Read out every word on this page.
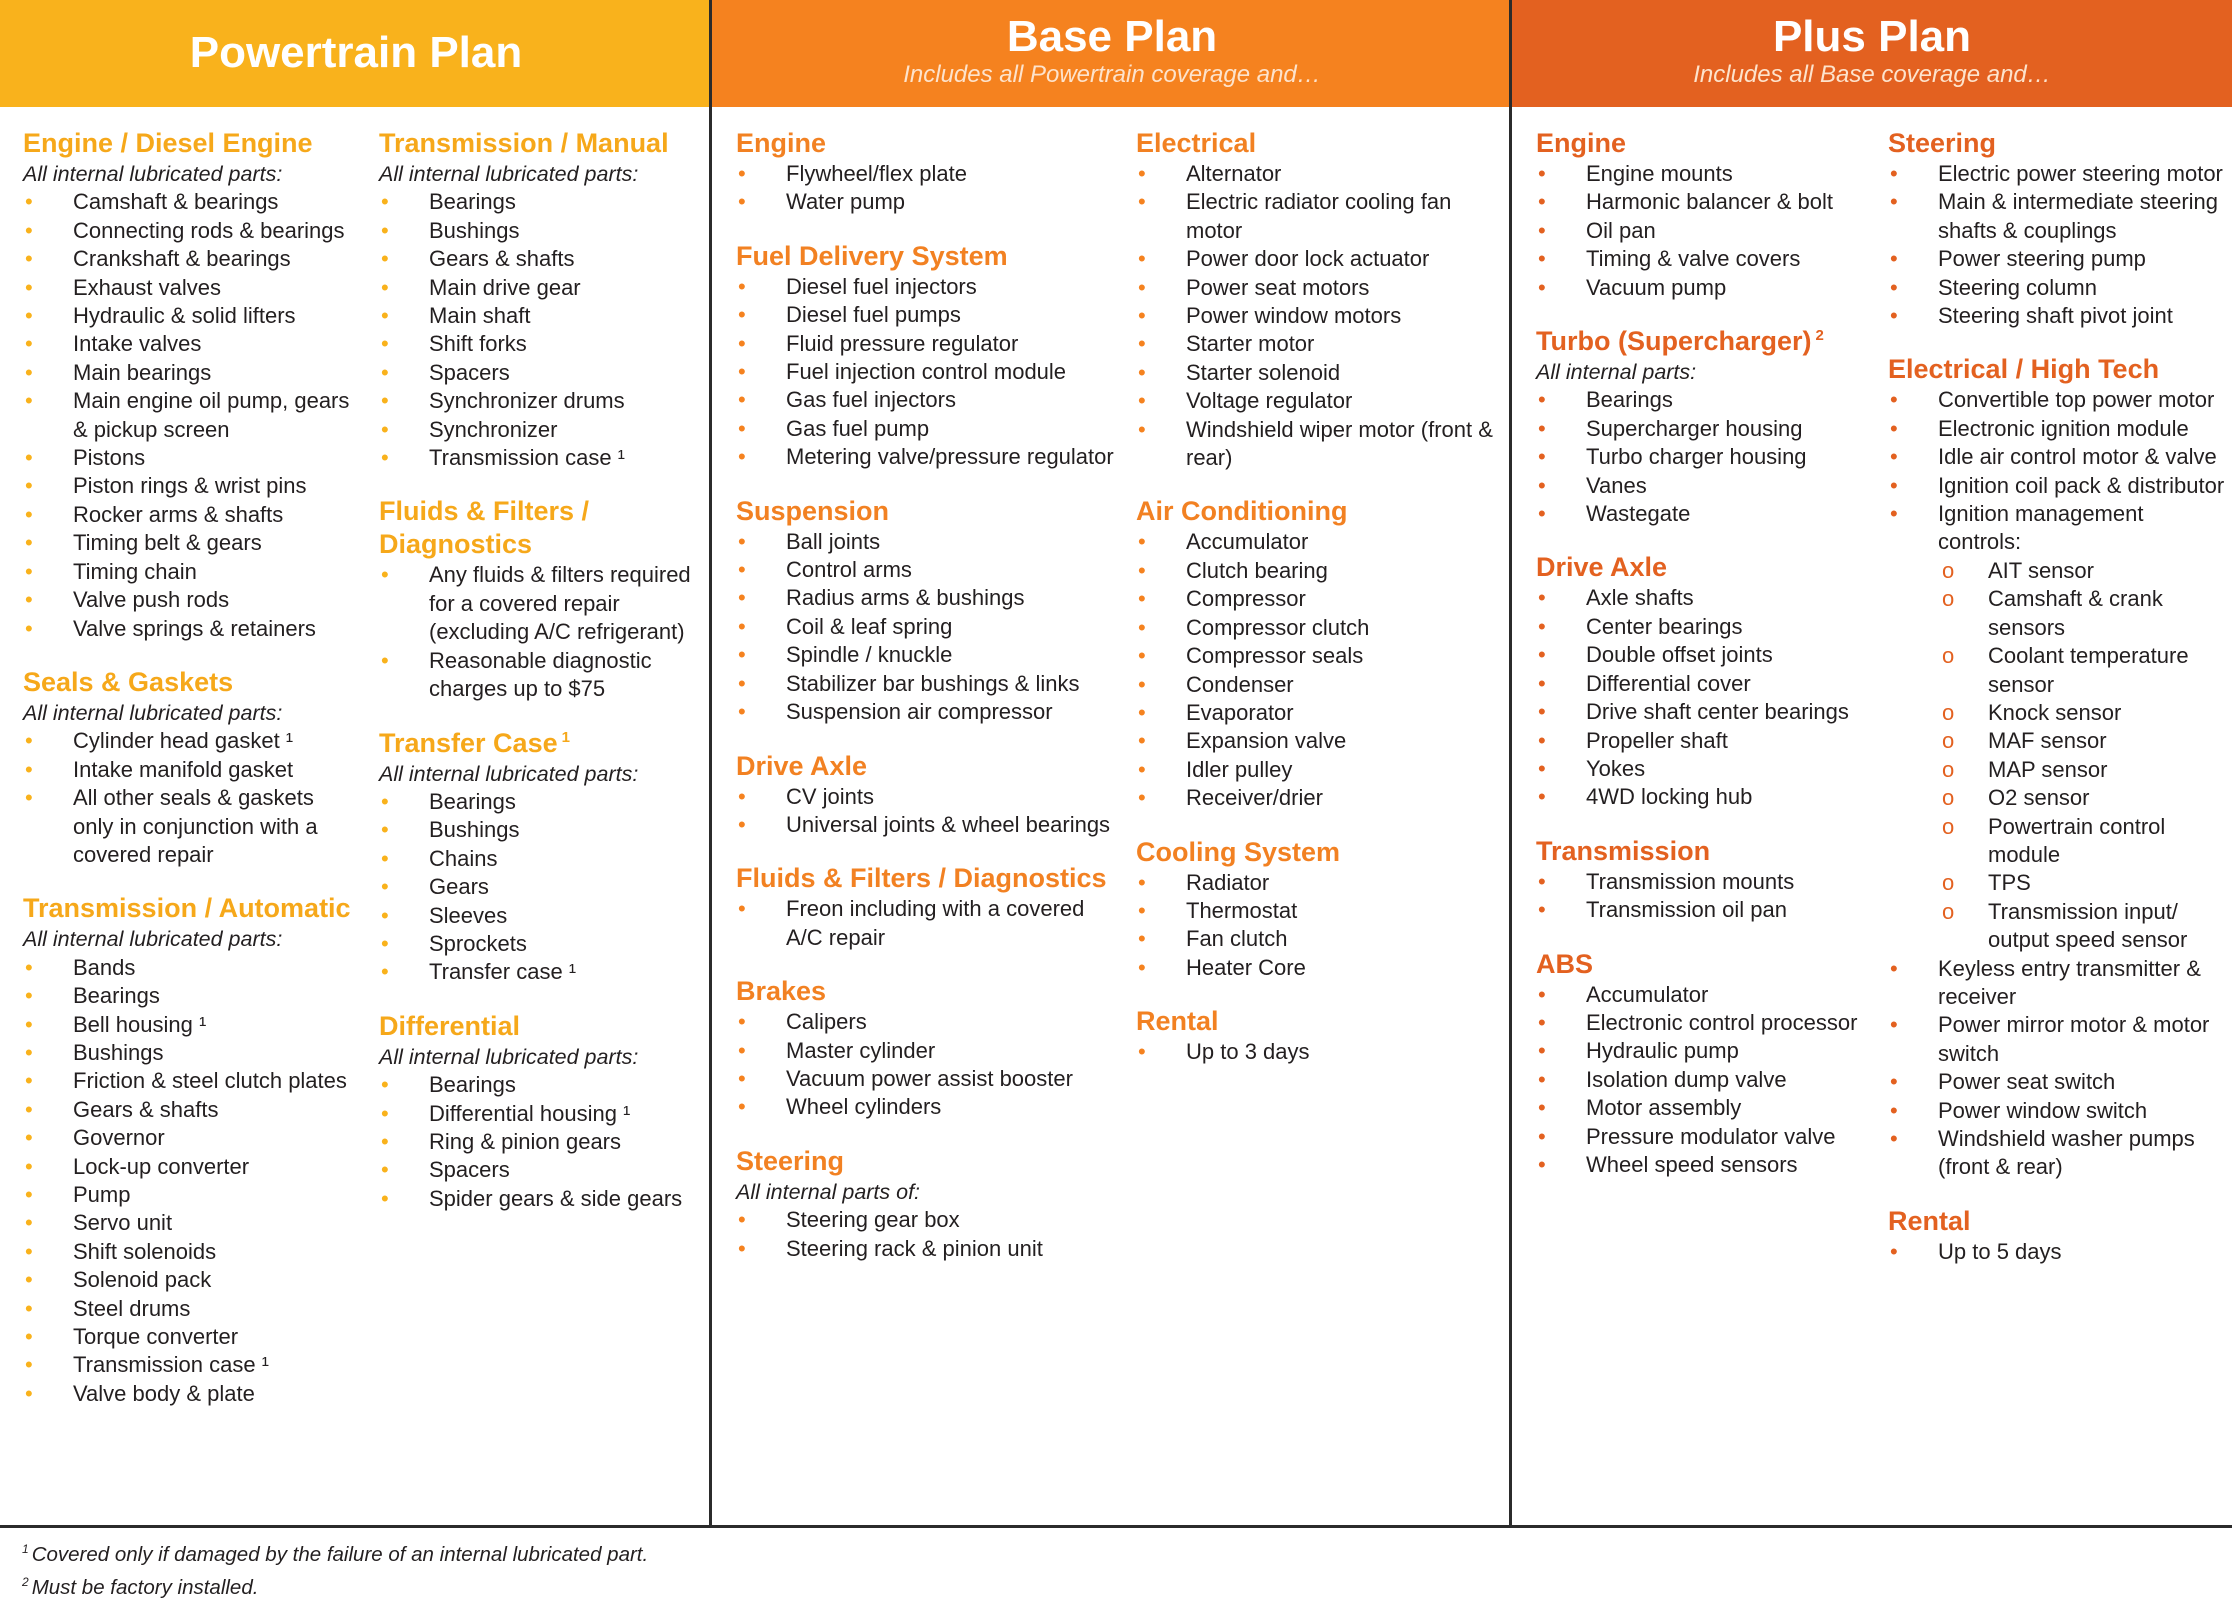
Powertrain Plan
Engine / Diesel Engine
All internal lubricated parts:
• Camshaft & bearings
• Connecting rods & bearings
• Crankshaft & bearings
• Exhaust valves
• Hydraulic & solid lifters
• Intake valves
• Main bearings
• Main engine oil pump, gears & pickup screen
• Pistons
• Piston rings & wrist pins
• Rocker arms & shafts
• Timing belt & gears
• Timing chain
• Valve push rods
• Valve springs & retainers
Seals & Gaskets
All internal lubricated parts:
• Cylinder head gasket ¹
• Intake manifold gasket
• All other seals & gaskets only in conjunction with a covered repair
Transmission / Automatic
All internal lubricated parts:
• Bands
• Bearings
• Bell housing ¹
• Bushings
• Friction & steel clutch plates
• Gears & shafts
• Governor
• Lock-up converter
• Pump
• Servo unit
• Shift solenoids
• Solenoid pack
• Steel drums
• Torque converter
• Transmission case ¹
• Valve body & plate
Transmission / Manual
All internal lubricated parts:
• Bearings
• Bushings
• Gears & shafts
• Main drive gear
• Main shaft
• Shift forks
• Spacers
• Synchronizer drums
• Synchronizer
• Transmission case ¹
Fluids & Filters / Diagnostics
• Any fluids & filters required for a covered repair (excluding A/C refrigerant)
• Reasonable diagnostic charges up to $75
Transfer Case $^1$
All internal lubricated parts:
• Bearings
• Bushings
• Chains
• Gears
• Sleeves
• Sprockets
• Transfer case ¹
Differential
All internal lubricated parts:
• Bearings
• Differential housing ¹
• Ring & pinion gears
• Spacers
• Spider gears & side gears
Base Plan
Includes all Powertrain coverage and…
Engine
• Flywheel/flex plate
• Water pump
Fuel Delivery System
• Diesel fuel injectors
• Diesel fuel pumps
• Fluid pressure regulator
• Fuel injection control module
• Gas fuel injectors
• Gas fuel pump
• Metering valve/pressure regulator
Suspension
• Ball joints
• Control arms
• Radius arms & bushings
• Coil & leaf spring
• Spindle / knuckle
• Stabilizer bar bushings & links
• Suspension air compressor
Drive Axle
• CV joints
• Universal joints & wheel bearings
Fluids & Filters / Diagnostics
• Freon including with a covered A/C repair
Brakes
• Calipers
• Master cylinder
• Vacuum power assist booster
• Wheel cylinders
Steering
All internal parts of:
• Steering gear box
• Steering rack & pinion unit
Electrical
• Alternator
• Electric radiator cooling fan motor
• Power door lock actuator
• Power seat motors
• Power window motors
• Starter motor
• Starter solenoid
• Voltage regulator
• Windshield wiper motor (front & rear)
Air Conditioning
• Accumulator
• Clutch bearing
• Compressor
• Compressor clutch
• Compressor seals
• Condenser
• Evaporator
• Expansion valve
• Idler pulley
• Receiver/drier
Cooling System
• Radiator
• Thermostat
• Fan clutch
• Heater Core
Rental
• Up to 3 days
Plus Plan
Includes all Base coverage and…
Engine
• Engine mounts
• Harmonic balancer & bolt
• Oil pan
• Timing & valve covers
• Vacuum pump
Turbo (Supercharger) $^2$
All internal parts:
• Bearings
• Supercharger housing
• Turbo charger housing
• Vanes
• Wastegate
Drive Axle
• Axle shafts
• Center bearings
• Double offset joints
• Differential cover
• Drive shaft center bearings
• Propeller shaft
• Yokes
• 4WD locking hub
Transmission
• Transmission mounts
• Transmission oil pan
ABS
• Accumulator
• Electronic control processor
• Hydraulic pump
• Isolation dump valve
• Motor assembly
• Pressure modulator valve
• Wheel speed sensors
Steering
• Electric power steering motor
• Main & intermediate steering shafts & couplings
• Power steering pump
• Steering column
• Steering shaft pivot joint
Electrical / High Tech
• Convertible top power motor
• Electronic ignition module
• Idle air control motor & valve
• Ignition coil pack & distributor
• Ignition management controls:
o AIT sensor
o Camshaft & crank sensors
o Coolant temperature sensor
o Knock sensor
o MAF sensor
o MAP sensor
o O2 sensor
o Powertrain control module
o TPS
o Transmission input/ output speed sensor
• Keyless entry transmitter & receiver
• Power mirror motor & motor switch
• Power seat switch
• Power window switch
• Windshield washer pumps (front & rear)
Rental
• Up to 5 days
$^1$ Covered only if damaged by the failure of an internal lubricated part.
$^2$ Must be factory installed.
